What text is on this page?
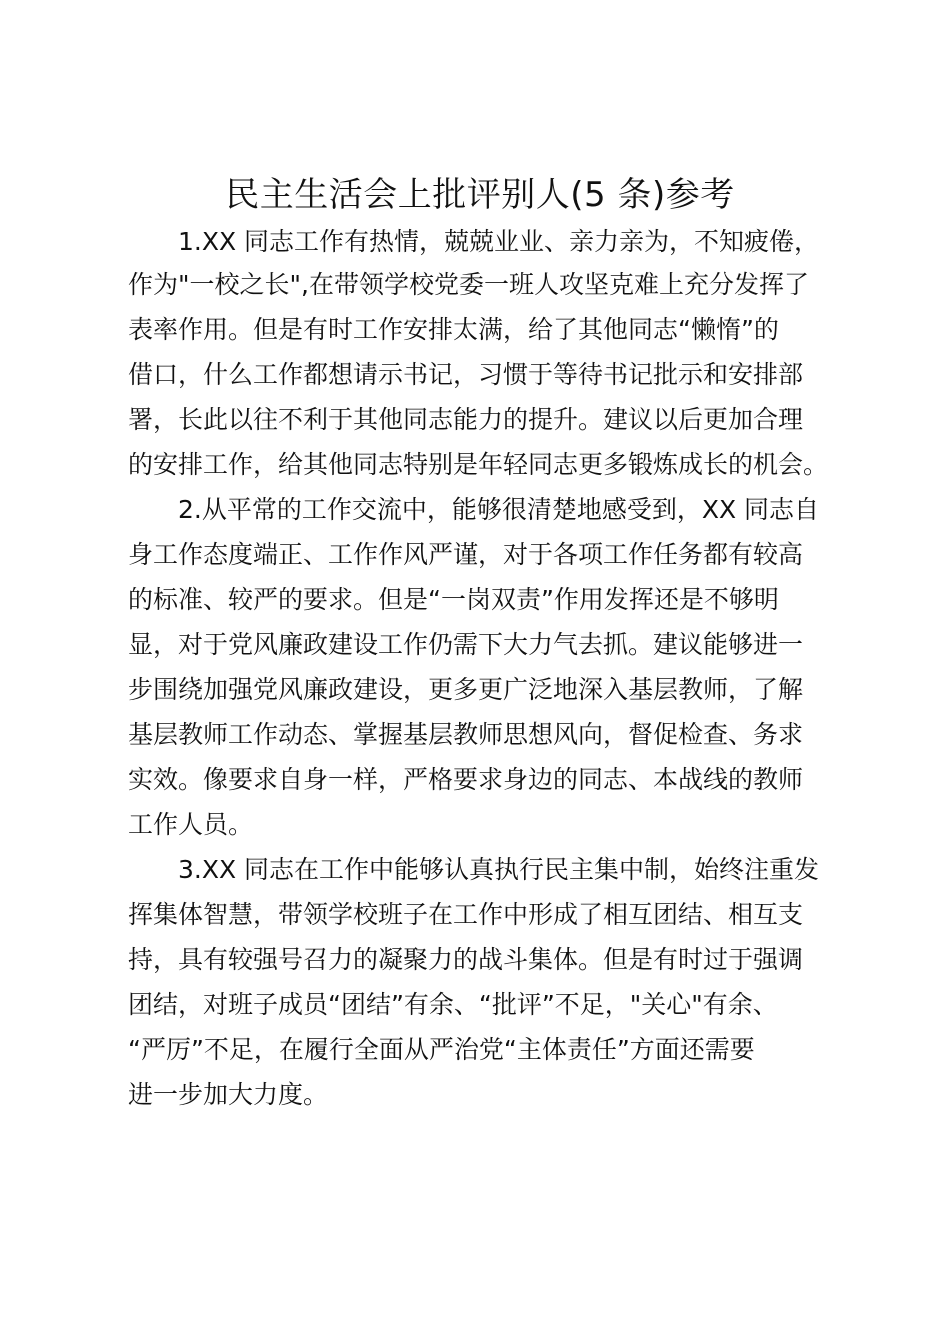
民主生活会上批评别人(5 条)参考

1.XX 同志工作有热情，兢兢业业、亲力亲为，不知疲倦，

作为"一校之长",在带领学校党委一班人攻坚克难上充分发挥了

表率作用。但是有时工作安排太满，给了其他同志“懒惰”的

借口，什么工作都想请示书记，习惯于等待书记批示和安排部

署，长此以往不利于其他同志能力的提升。建议以后更加合理

的安排工作，给其他同志特别是年轻同志更多锻炼成长的机会。

2.从平常的工作交流中，能够很清楚地感受到，XX 同志自

身工作态度端正、工作作风严谨，对于各项工作任务都有较高

的标准、较严的要求。但是“一岗双责”作用发挥还是不够明

显，对于党风廉政建设工作仍需下大力气去抓。建议能够进一

步围绕加强党风廉政建设，更多更广泛地深入基层教师，了解

基层教师工作动态、掌握基层教师思想风向，督促检查、务求

实效。像要求自身一样，严格要求身边的同志、本战线的教师

工作人员。

3.XX 同志在工作中能够认真执行民主集中制，始终注重发

挥集体智慧，带领学校班子在工作中形成了相互团结、相互支

持，具有较强号召力的凝聚力的战斗集体。但是有时过于强调

团结，对班子成员“团结”有余、“批评”不足，"关心"有余、

“严厉”不足，在履行全面从严治党“主体责任”方面还需要

进一步加大力度。
